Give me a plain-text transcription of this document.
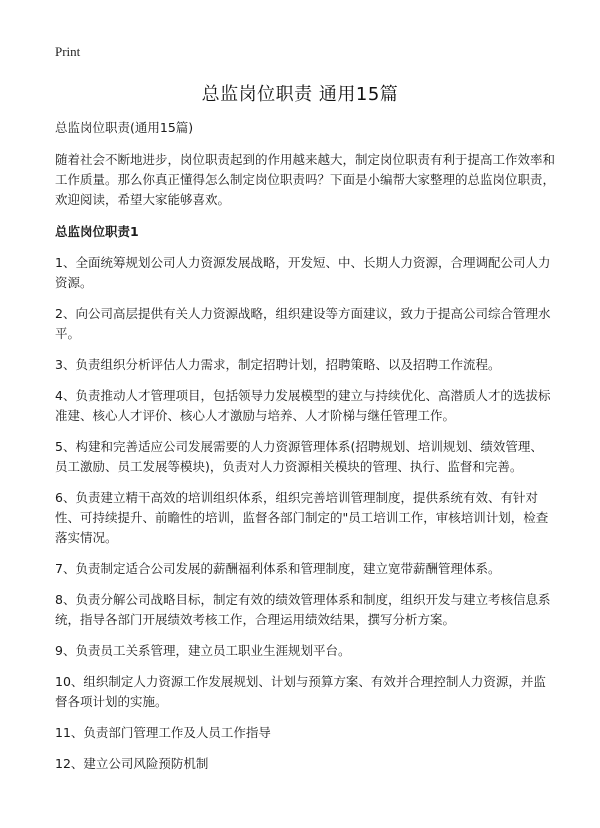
Print
总监岗位职责 通用15篇

总监岗位职责(通用15篇)

随着社会不断地进步，岗位职责起到的作用越来越大，制定岗位职责有利于提高工作效率和工作质量。那么你真正懂得怎么制定岗位职责吗？下面是小编帮大家整理的总监岗位职责，欢迎阅读，希望大家能够喜欢。

总监岗位职责1

1、全面统筹规划公司人力资源发展战略，开发短、中、长期人力资源，合理调配公司人力资源。

2、向公司高层提供有关人力资源战略，组织建设等方面建议，致力于提高公司综合管理水平。

3、负责组织分析评估人力需求，制定招聘计划，招聘策略、以及招聘工作流程。

4、负责推动人才管理项目，包括领导力发展模型的建立与持续优化、高潜质人才的选拔标准建、核心人才评价、核心人才激励与培养、人才阶梯与继任管理工作。

5、构建和完善适应公司发展需要的人力资源管理体系(招聘规划、培训规划、绩效管理、员工激励、员工发展等模块)，负责对人力资源相关模块的管理、执行、监督和完善。

6、负责建立精干高效的培训组织体系，组织完善培训管理制度，提供系统有效、有针对性、可持续提升、前瞻性的培训，监督各部门制定的"员工培训工作，审核培训计划，检查落实情况。

7、负责制定适合公司发展的薪酬福利体系和管理制度，建立宽带薪酬管理体系。

8、负责分解公司战略目标，制定有效的绩效管理体系和制度，组织开发与建立考核信息系统，指导各部门开展绩效考核工作，合理运用绩效结果，撰写分析方案。

9、负责员工关系管理，建立员工职业生涯规划平台。

10、组织制定人力资源工作发展规划、计划与预算方案、有效并合理控制人力资源，并监督各项计划的实施。

11、负责部门管理工作及人员工作指导

12、建立公司风险预防机制
